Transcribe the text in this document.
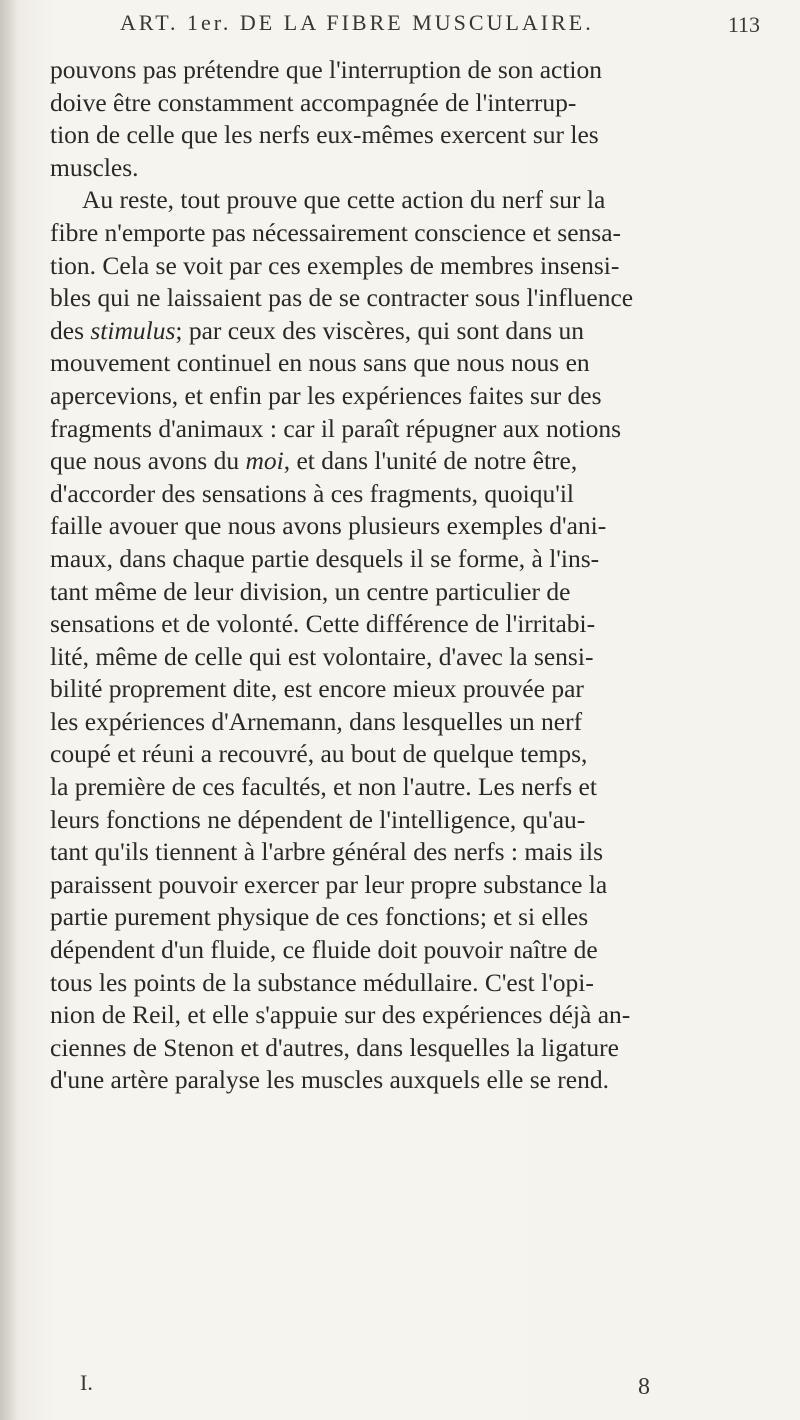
ART. 1er. DE LA FIBRE MUSCULAIRE.	113
pouvons pas prétendre que l'interruption de son action
doive être constamment accompagnée de l'interrup-
tion de celle que les nerfs eux-mêmes exercent sur les
muscles.
Au reste, tout prouve que cette action du nerf sur la
fibre n'emporte pas nécessairement conscience et sensa-
tion. Cela se voit par ces exemples de membres insensi-
bles qui ne laissaient pas de se contracter sous l'influence
des stimulus; par ceux des viscères, qui sont dans un
mouvement continuel en nous sans que nous nous en
apercevions, et enfin par les expériences faites sur des
fragments d'animaux : car il paraît répugner aux notions
que nous avons du moi, et dans l'unité de notre être,
d'accorder des sensations à ces fragments, quoiqu'il
faille avouer que nous avons plusieurs exemples d'ani-
maux, dans chaque partie desquels il se forme, à l'ins-
tant même de leur division, un centre particulier de
sensations et de volonté. Cette différence de l'irritabi-
lité, même de celle qui est volontaire, d'avec la sensi-
bilité proprement dite, est encore mieux prouvée par
les expériences d'Arnemann, dans lesquelles un nerf
coupé et réuni a recouvré, au bout de quelque temps,
la première de ces facultés, et non l'autre. Les nerfs et
leurs fonctions ne dépendent de l'intelligence, qu'au-
tant qu'ils tiennent à l'arbre général des nerfs : mais ils
paraissent pouvoir exercer par leur propre substance la
partie purement physique de ces fonctions; et si elles
dépendent d'un fluide, ce fluide doit pouvoir naître de
tous les points de la substance médullaire. C'est l'opi-
nion de Reil, et elle s'appuie sur des expériences déjà an-
ciennes de Stenon et d'autres, dans lesquelles la ligature
d'une artère paralyse les muscles auxquels elle se rend.
I.	8
